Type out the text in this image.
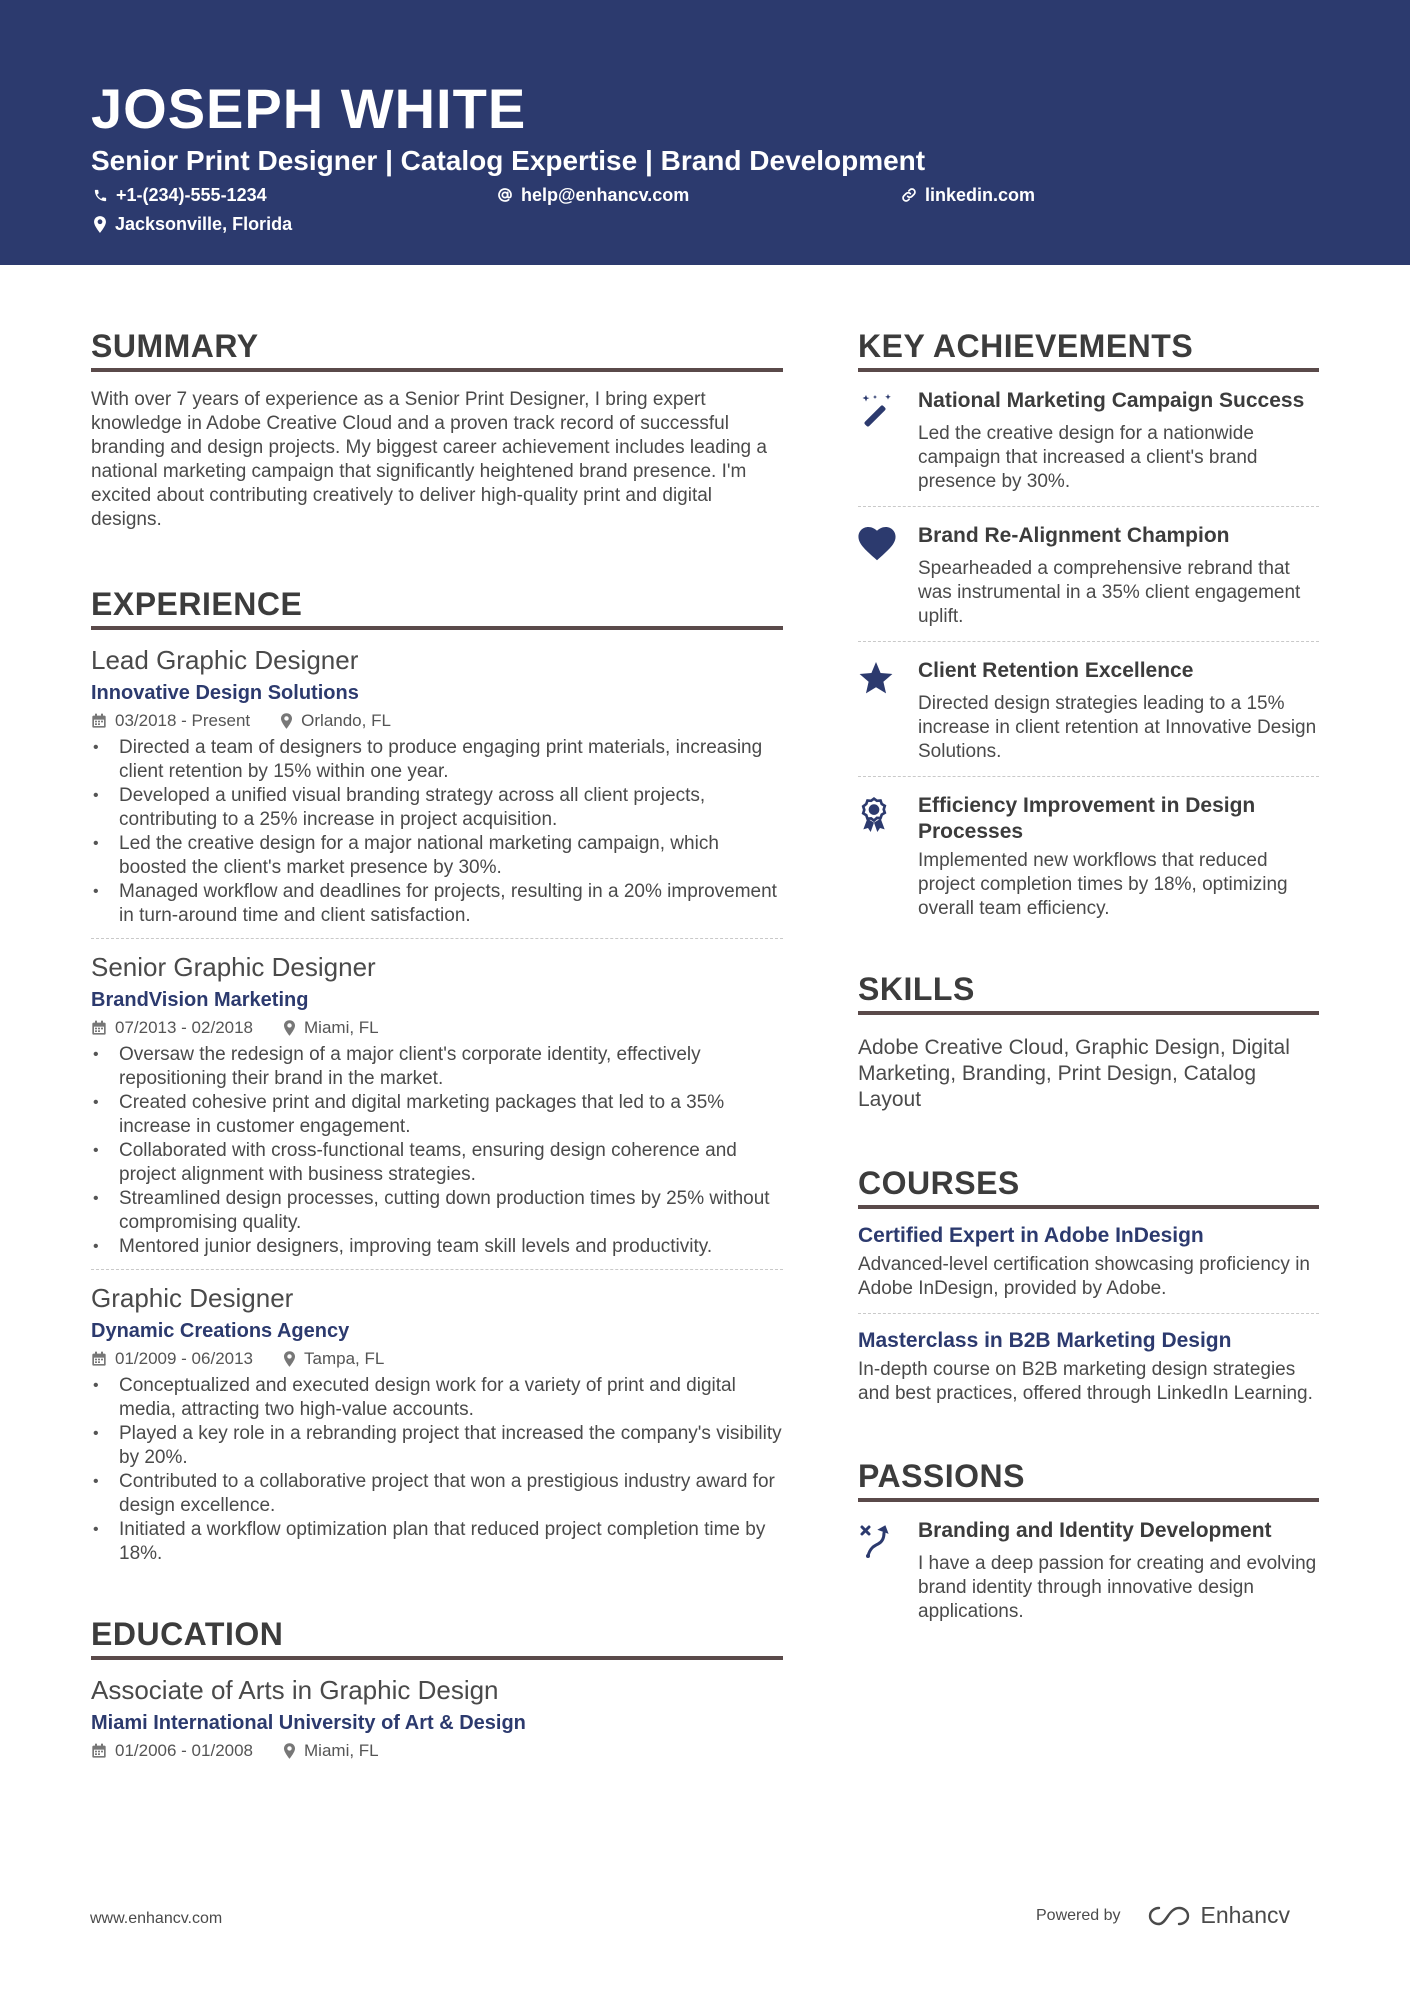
JOSEPH WHITE
Senior Print Designer | Catalog Expertise | Brand Development
+1-(234)-555-1234	help@enhancv.com	linkedin.com
Jacksonville, Florida
SUMMARY
With over 7 years of experience as a Senior Print Designer, I bring expert knowledge in Adobe Creative Cloud and a proven track record of successful branding and design projects. My biggest career achievement includes leading a national marketing campaign that significantly heightened brand presence. I'm excited about contributing creatively to deliver high-quality print and digital designs.
EXPERIENCE
Lead Graphic Designer
Innovative Design Solutions
03/2018 - Present	Orlando, FL
• Directed a team of designers to produce engaging print materials, increasing client retention by 15% within one year.
• Developed a unified visual branding strategy across all client projects, contributing to a 25% increase in project acquisition.
• Led the creative design for a major national marketing campaign, which boosted the client's market presence by 30%.
• Managed workflow and deadlines for projects, resulting in a 20% improvement in turn-around time and client satisfaction.
Senior Graphic Designer
BrandVision Marketing
07/2013 - 02/2018	Miami, FL
• Oversaw the redesign of a major client's corporate identity, effectively repositioning their brand in the market.
• Created cohesive print and digital marketing packages that led to a 35% increase in customer engagement.
• Collaborated with cross-functional teams, ensuring design coherence and project alignment with business strategies.
• Streamlined design processes, cutting down production times by 25% without compromising quality.
• Mentored junior designers, improving team skill levels and productivity.
Graphic Designer
Dynamic Creations Agency
01/2009 - 06/2013	Tampa, FL
• Conceptualized and executed design work for a variety of print and digital media, attracting two high-value accounts.
• Played a key role in a rebranding project that increased the company's visibility by 20%.
• Contributed to a collaborative project that won a prestigious industry award for design excellence.
• Initiated a workflow optimization plan that reduced project completion time by 18%.
EDUCATION
Associate of Arts in Graphic Design
Miami International University of Art & Design
01/2006 - 01/2008	Miami, FL
KEY ACHIEVEMENTS
National Marketing Campaign Success
Led the creative design for a nationwide campaign that increased a client's brand presence by 30%.
Brand Re-Alignment Champion
Spearheaded a comprehensive rebrand that was instrumental in a 35% client engagement uplift.
Client Retention Excellence
Directed design strategies leading to a 15% increase in client retention at Innovative Design Solutions.
Efficiency Improvement in Design Processes
Implemented new workflows that reduced project completion times by 18%, optimizing overall team efficiency.
SKILLS
Adobe Creative Cloud, Graphic Design, Digital Marketing, Branding, Print Design, Catalog Layout
COURSES
Certified Expert in Adobe InDesign
Advanced-level certification showcasing proficiency in Adobe InDesign, provided by Adobe.
Masterclass in B2B Marketing Design
In-depth course on B2B marketing design strategies and best practices, offered through LinkedIn Learning.
PASSIONS
Branding and Identity Development
I have a deep passion for creating and evolving brand identity through innovative design applications.
www.enhancv.com	Powered by	Enhancv
